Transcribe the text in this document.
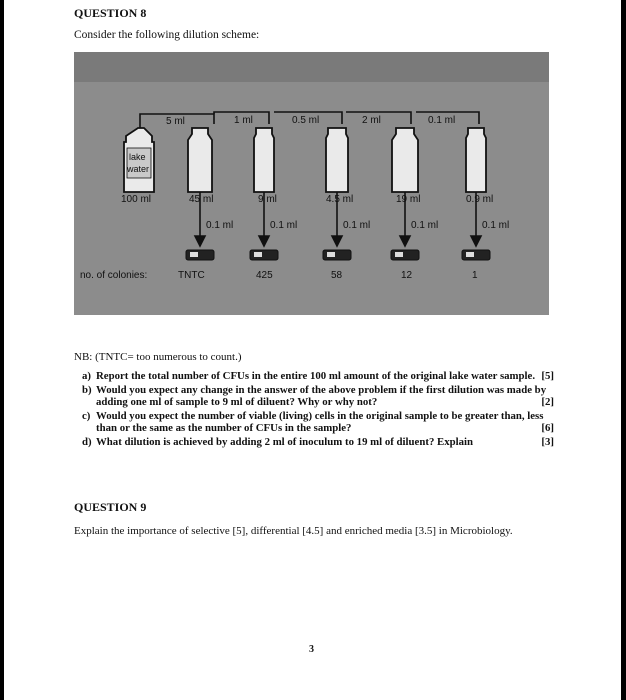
QUESTION 8
Consider the following dilution scheme:
5 ml	1 ml	0.5 ml	2 ml	0.1 ml
lake
water
100 ml	45 ml	9 ml	4.5 ml	19 ml	0.9 ml
0.1 ml	0.1 ml	0.1 ml	0.1 ml	0.1 ml
no. of colonies:	TNTC	425	58	12	1
NB: (TNTC= too numerous to count.)
a) Report the total number of CFUs in the entire 100 ml amount of the original lake water sample. [5]
b) Would you expect any change in the answer of the above problem if the first dilution was made by adding one ml of sample to 9 ml of diluent? Why or why not?	[2]
c) Would you expect the number of viable (living) cells in the original sample to be greater than, less than or the same as the number of CFUs in the sample?	[6]
d) What dilution is achieved by adding 2 ml of inoculum to 19 ml of diluent? Explain	[3]
QUESTION 9
Explain the importance of selective [5], differential [4.5] and enriched media [3.5] in Microbiology.
3
